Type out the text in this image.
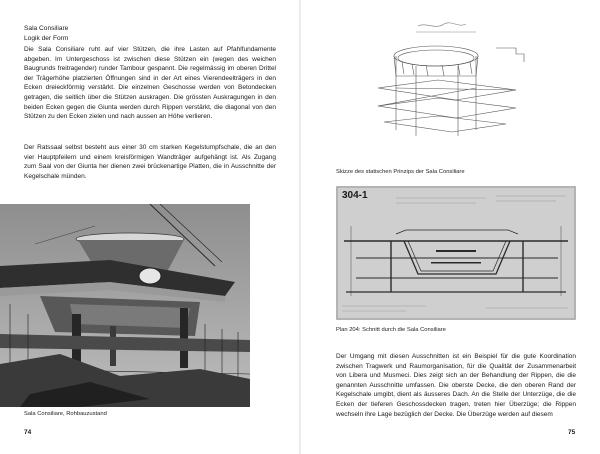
Sala Consiliare

Logik der Form

Die Sala Consiliare ruht auf vier Stützen, die ihre Lasten auf Pfahlfundamente abgeben. Im Untergeschoss ist zwischen diese Stützen ein (wegen des weichen Baugrunds freitragender) runder Tambour gespannt. Die regelmässig im oberen Drittel der Trägerhöhe platzierten Öffnungen sind in der Art eines Vierendeelträgers in den Ecken dreieckförmig verstärkt. Die einzelnen Geschosse werden von Betondecken getragen, die seitlich über die Stützen auskragen. Die grössten Auskragungen in den beiden Ecken gegen die Giunta werden durch Rippen verstärkt, die diagonal von den Stützen zu den Ecken zielen und nach aussen an Höhe verlieren.

Der Ratssaal selbst besteht aus einer 30 cm starken Kegelstumpfschale, die an den vier Hauptpfeilern und einem kreisförmigen Wandträger aufgehängt ist. Als Zugang zum Saal von der Giunta her dienen zwei brückenartige Platten, die in Ausschnitte der Kegelschale münden.

Sala Consiliare, Rohbauzustand

74

Skizze des statischen Prinzips der Sala Consiliare

304-1

Plan 204: Schnitt durch die Sala Consiliare

Der Umgang mit diesen Ausschnitten ist ein Beispiel für die gute Koordination zwischen Tragwerk und Raumorganisation, für die Qualität der Zusammenarbeit von Libera und Musmeci. Dies zeigt sich an der Behandlung der Rippen, die die genannten Ausschnitte umfassen. Die oberste Decke, die den oberen Rand der Kegelschale umgibt, dient als äusseres Dach. An die Stelle der Unterzüge, die die Ecken der tieferen Geschossdecken tragen, treten hier Überzüge; die Rippen wechseln ihre Lage bezüglich der Decke. Die Überzüge werden auf diesem

75
